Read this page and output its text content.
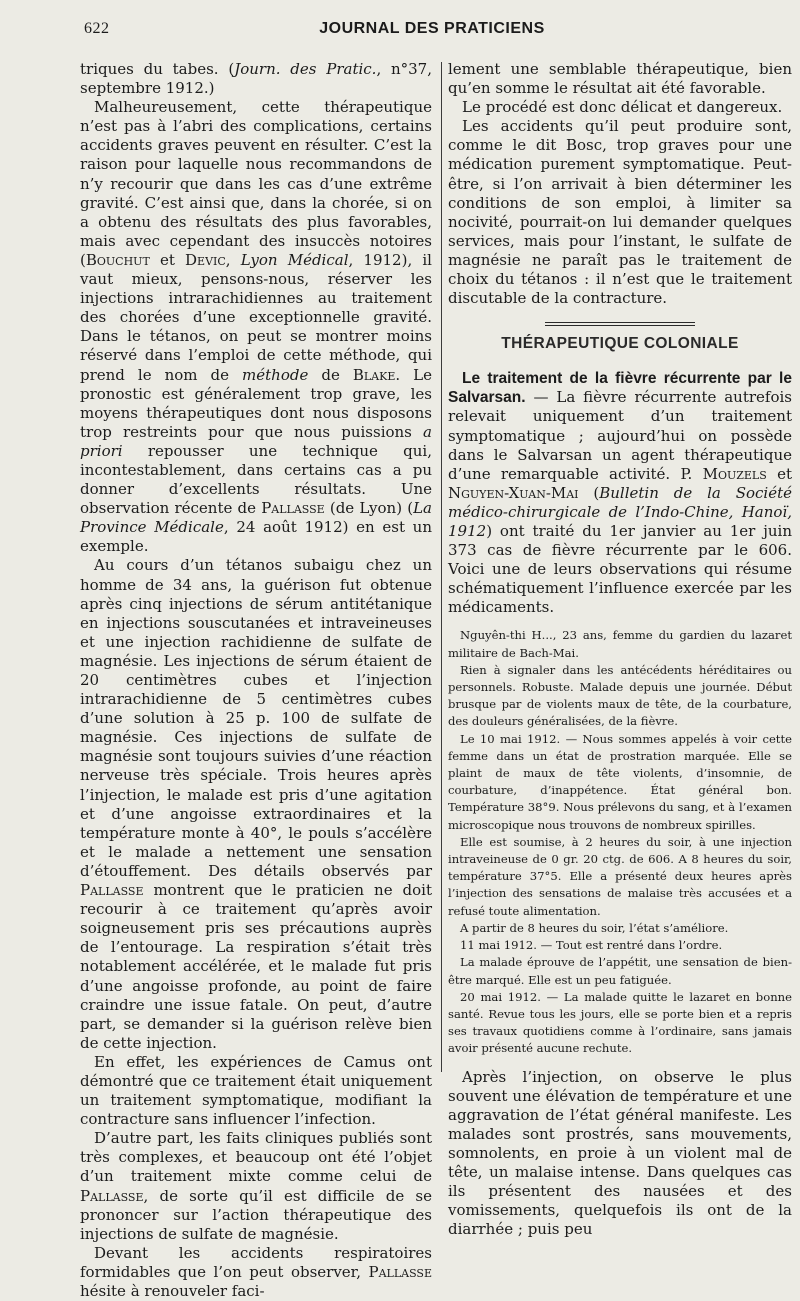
622	JOURNAL DES PRATICIENS

triques du tabes. (Journ. des Pratic., n°37, septembre 1912.)

Malheureusement, cette thérapeutique n’est pas à l’abri des complications, certains accidents graves peuvent en résulter. C’est la raison pour laquelle nous recommandons de n’y recourir que dans les cas d’une extrême gravité. C’est ainsi que, dans la chorée, si on a obtenu des résultats des plus favorables, mais avec cependant des insuccès notoires (Bouchut et Devic, Lyon Médical, 1912), il vaut mieux, pensons-nous, réserver les injections intrarachidiennes au traitement des chorées d’une exceptionnelle gravité. Dans le tétanos, on peut se montrer moins réservé dans l’emploi de cette méthode, qui prend le nom de méthode de Blake. Le pronostic est généralement trop grave, les moyens thérapeutiques dont nous disposons trop restreints pour que nous puissions a priori repousser une technique qui, incontestablement, dans certains cas a pu donner d’excellents résultats. Une observation récente de Pallasse (de Lyon) (La Province Médicale, 24 août 1912) en est un exemple.

Au cours d’un tétanos subaigu chez un homme de 34 ans, la guérison fut obtenue après cinq injections de sérum antitétanique en injections souscutanées et intraveineuses et une injection rachidienne de sulfate de magnésie. Les injections de sérum étaient de 20 centimètres cubes et l’injection intrarachidienne de 5 centimètres cubes d’une solution à 25 p. 100 de sulfate de magnésie. Ces injections de sulfate de magnésie sont toujours suivies d’une réaction nerveuse très spéciale. Trois heures après l’injection, le malade est pris d’une agitation et d’une angoisse extraordinaires et la température monte à 40°, le pouls s’accélère et le malade a nettement une sensation d’étouffement. Des détails observés par Pallasse montrent que le praticien ne doit recourir à ce traitement qu’après avoir soigneusement pris ses précautions auprès de l’entourage. La respiration s’était très notablement accélérée, et le malade fut pris d’une angoisse profonde, au point de faire craindre une issue fatale. On peut, d’autre part, se demander si la guérison relève bien de cette injection.

En effet, les expériences de Camus ont démontré que ce traitement était uniquement un traitement symptomatique, modifiant la contracture sans influencer l’infection.

D’autre part, les faits cliniques publiés sont très complexes, et beaucoup ont été l’objet d’un traitement mixte comme celui de Pallasse, de sorte qu’il est difficile de se prononcer sur l’action thérapeutique des injections de sulfate de magnésie.

Devant les accidents respiratoires formidables que l’on peut observer, Pallasse hésite à renouveler faci-

lement une semblable thérapeutique, bien qu’en somme le résultat ait été favorable.

Le procédé est donc délicat et dangereux.

Les accidents qu’il peut produire sont, comme le dit Bosc, trop graves pour une médication purement symptomatique. Peut-être, si l’on arrivait à bien déterminer les conditions de son emploi, à limiter sa nocivité, pourrait-on lui demander quelques services, mais pour l’instant, le sulfate de magnésie ne paraît pas le traitement de choix du tétanos : il n’est que le traitement discutable de la contracture.

THÉRAPEUTIQUE COLONIALE

Le traitement de la fièvre récurrente par le Salvarsan. — La fièvre récurrente autrefois relevait uniquement d’un traitement symptomatique ; aujourd’hui on possède dans le Salvarsan un agent thérapeutique d’une remarquable activité. P. Mouzels et Nguyen-Xuan-Mai (Bulletin de la Société médico-chirurgicale de l’Indo-Chine, Hanoï, 1912) ont traité du 1er janvier au 1er juin 373 cas de fièvre récurrente par le 606. Voici une de leurs observations qui résume schématiquement l’influence exercée par les médicaments.

Nguyên-thi H..., 23 ans, femme du gardien du lazaret militaire de Bach-Mai.

Rien à signaler dans les antécédents héréditaires ou personnels. Robuste. Malade depuis une journée. Début brusque par de violents maux de tête, de la courbature, des douleurs généralisées, de la fièvre.

Le 10 mai 1912. — Nous sommes appelés à voir cette femme dans un état de prostration marquée. Elle se plaint de maux de tête violents, d’insomnie, de courbature, d’inappétence. État général bon. Température 38°9. Nous prélevons du sang, et à l’examen microscopique nous trouvons de nombreux spirilles.

Elle est soumise, à 2 heures du soir, à une injection intraveineuse de 0 gr. 20 ctg. de 606. A 8 heures du soir, température 37°5. Elle a présenté deux heures après l’injection des sensations de malaise très accusées et a refusé toute alimentation.

A partir de 8 heures du soir, l’état s’améliore.

11 mai 1912. — Tout est rentré dans l’ordre.

La malade éprouve de l’appétit, une sensation de bien-être marqué. Elle est un peu fatiguée.

20 mai 1912. — La malade quitte le lazaret en bonne santé. Revue tous les jours, elle se porte bien et a repris ses travaux quotidiens comme à l’ordinaire, sans jamais avoir présenté aucune rechute.

Après l’injection, on observe le plus souvent une élévation de température et une aggravation de l’état général manifeste. Les malades sont prostrés, sans mouvements, somnolents, en proie à un violent mal de tête, un malaise intense. Dans quelques cas ils présentent des nausées et des vomissements, quelquefois ils ont de la diarrhée ; puis peu
